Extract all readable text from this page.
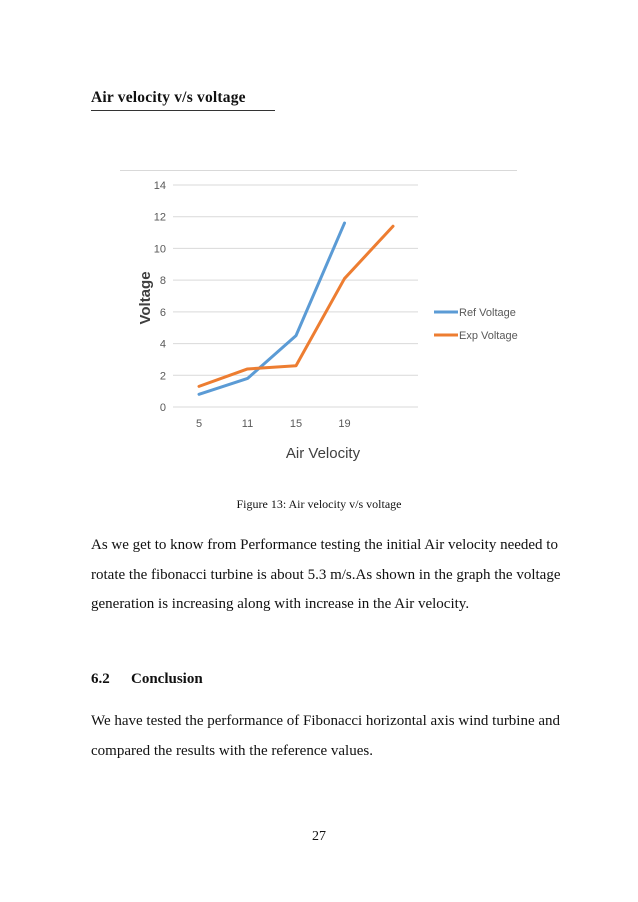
Air velocity v/s voltage
0
2
4
6
8
10
12
14
5	11	15	19
Ref Voltage
Exp Voltage
Voltage
Air Velocity
Figure 13: Air velocity v/s voltage

As we get to know from Performance testing the initial Air velocity needed to rotate the fibonacci turbine is about 5.3 m/s.As shown in the graph the voltage generation is increasing along with increase in the Air velocity.

6.2 Conclusion

We have tested the performance of Fibonacci horizontal axis wind turbine and compared the results with the reference values.

27
